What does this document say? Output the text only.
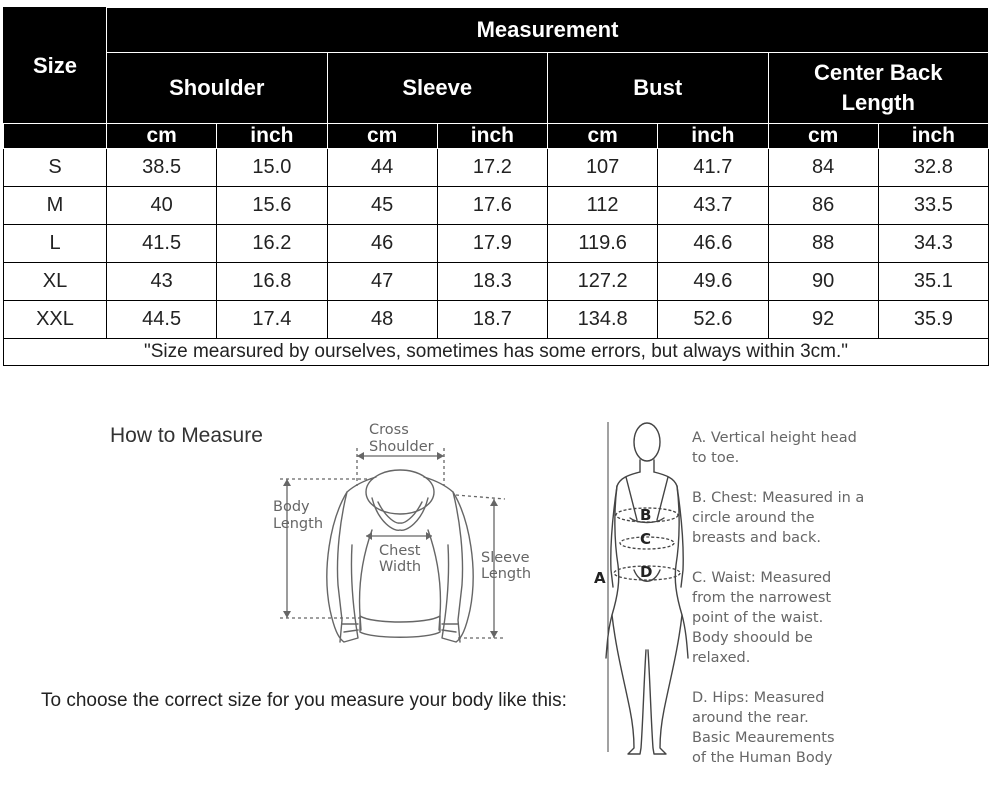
Size	Measurement							
	Shoulder		Sleeve		Bust		Center Back
Length	
	cm	inch	cm	inch	cm	inch	cm	inch
S	38.5	15.0	44	17.2	107	41.7	84	32.8
M	40	15.6	45	17.6	112	43.7	86	33.5
L	41.5	16.2	46	17.9	119.6	46.6	88	34.3
XL	43	16.8	47	18.3	127.2	49.6	90	35.1
XXL	44.5	17.4	48	18.7	134.8	52.6	92	35.9
"Size mearsured by ourselves, sometimes has some errors, but always within 3cm."								
How to Measure
To choose the correct size for you measure your body like this:
Cross
Shoulder
Body
Length
Chest
Width
Sleeve
Length
B
C
D
A
A. Vertical height head
to toe.
B. Chest: Measured in a
circle around the
breasts and back.
C. Waist: Measured
from the narrowest
point of the waist.
Body shoould be
relaxed.
D. Hips: Measured
around the rear.
Basic Meaurements
of the Human Body
